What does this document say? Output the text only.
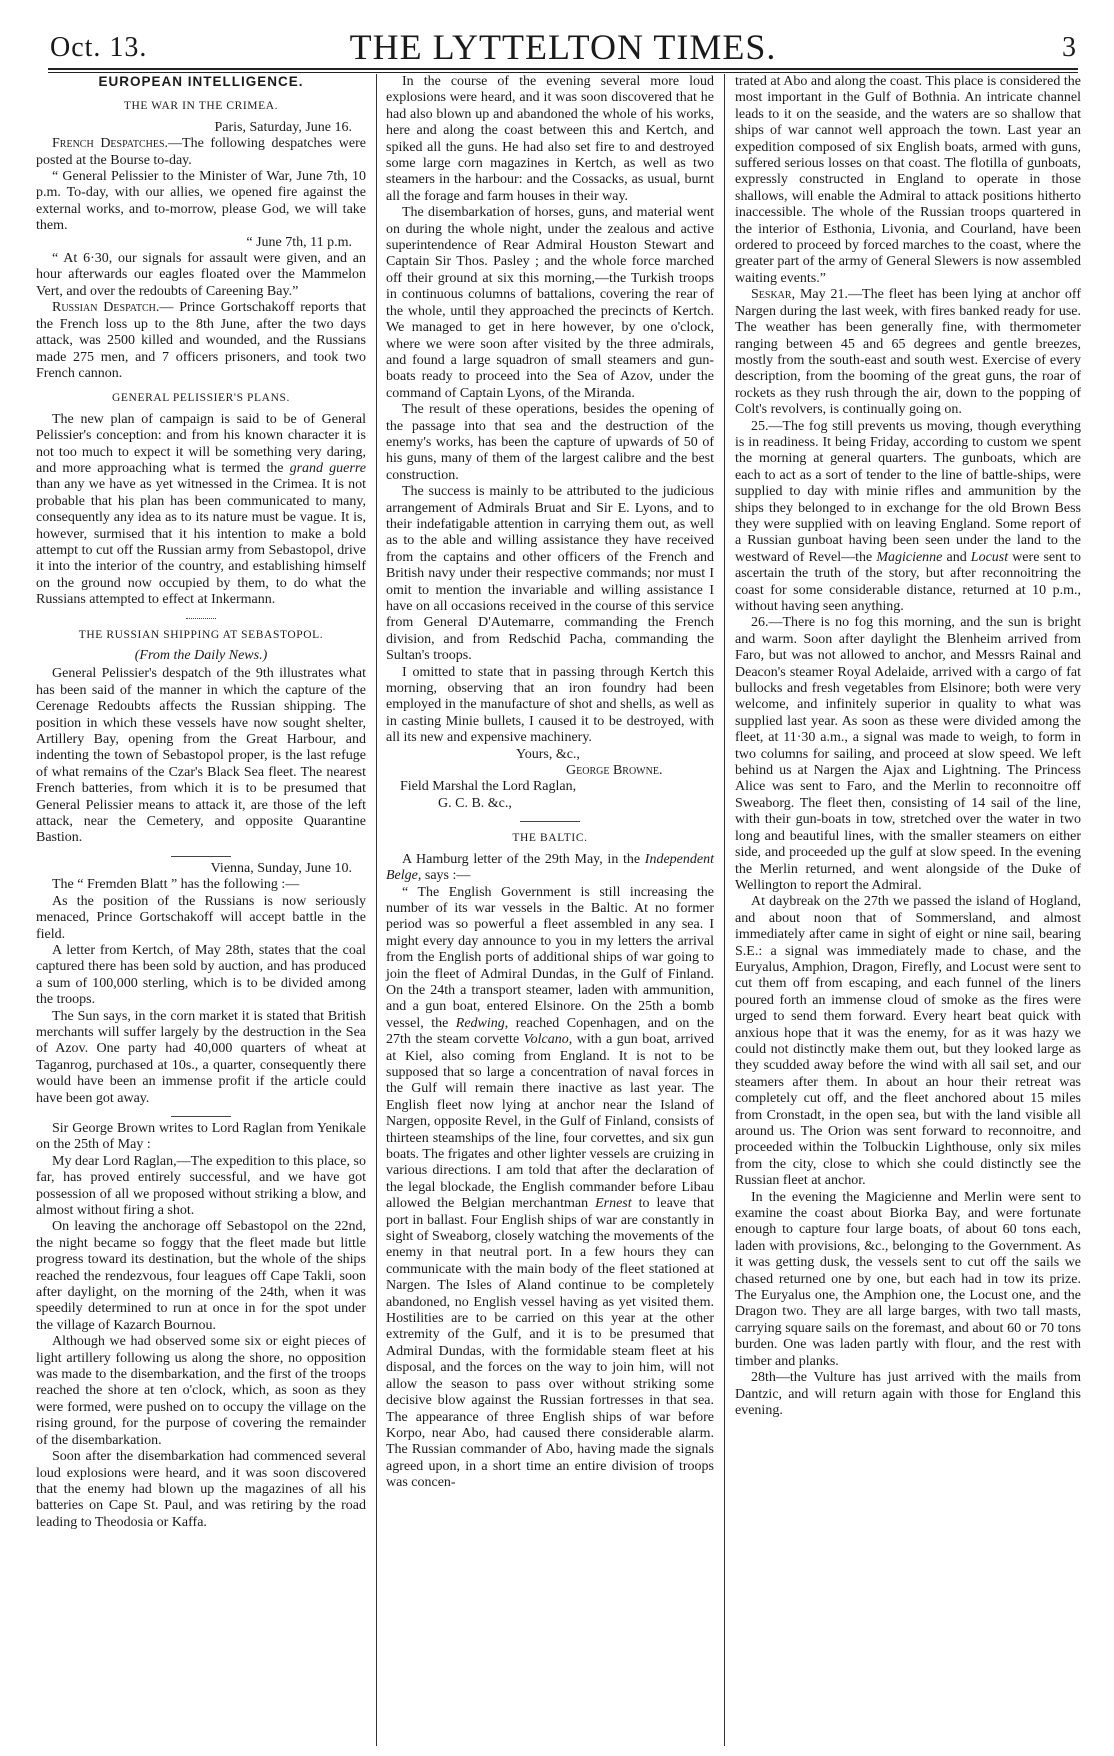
Oct. 13.	THE LYTTELTON TIMES.	3

EUROPEAN INTELLIGENCE.

THE WAR IN THE CRIMEA.

Paris, Saturday, June 16.

French Despatches.—The following despatches were posted at the Bourse to-day.

“ General Pelissier to the Minister of War, June 7th, 10 p.m. To-day, with our allies, we opened fire against the external works, and to-morrow, please God, we will take them.

“ June 7th, 11 p.m.

“ At 6·30, our signals for assault were given, and an hour afterwards our eagles floated over the Mammelon Vert, and over the redoubts of Careening Bay.”

Russian Despatch.— Prince Gortschakoff reports that the French loss up to the 8th June, after the two days attack, was 2500 killed and wounded, and the Russians made 275 men, and 7 officers prisoners, and took two French cannon.

GENERAL PELISSIER'S PLANS.

The new plan of campaign is said to be of General Pelissier's conception: and from his known character it is not too much to expect it will be something very daring, and more approaching what is termed the grand guerre than any we have as yet witnessed in the Crimea. It is not probable that his plan has been communicated to many, consequently any idea as to its nature must be vague. It is, however, surmised that it his intention to make a bold attempt to cut off the Russian army from Sebastopol, drive it into the interior of the country, and establishing himself on the ground now occupied by them, to do what the Russians attempted to effect at Inkermann.

THE RUSSIAN SHIPPING AT SEBASTOPOL.

(From the Daily News.)

General Pelissier's despatch of the 9th illustrates what has been said of the manner in which the capture of the Cerenage Redoubts affects the Russian shipping. The position in which these vessels have now sought shelter, Artillery Bay, opening from the Great Harbour, and indenting the town of Sebastopol proper, is the last refuge of what remains of the Czar's Black Sea fleet. The nearest French batteries, from which it is to be presumed that General Pelissier means to attack it, are those of the left attack, near the Cemetery, and opposite Quarantine Bastion.

Vienna, Sunday, June 10.

The “ Fremden Blatt ” has the following :—

As the position of the Russians is now seriously menaced, Prince Gortschakoff will accept battle in the field.

A letter from Kertch, of May 28th, states that the coal captured there has been sold by auction, and has produced a sum of 100,000 sterling, which is to be divided among the troops.

The Sun says, in the corn market it is stated that British merchants will suffer largely by the destruction in the Sea of Azov. One party had 40,000 quarters of wheat at Taganrog, purchased at 10s., a quarter, consequently there would have been an immense profit if the article could have been got away.

Sir George Brown writes to Lord Raglan from Yenikale on the 25th of May :

My dear Lord Raglan,—The expedition to this place, so far, has proved entirely successful, and we have got possession of all we proposed without striking a blow, and almost without firing a shot.

On leaving the anchorage off Sebastopol on the 22nd, the night became so foggy that the fleet made but little progress toward its destination, but the whole of the ships reached the rendezvous, four leagues off Cape Takli, soon after daylight, on the morning of the 24th, when it was speedily determined to run at once in for the spot under the village of Kazarch Bournou.

Although we had observed some six or eight pieces of light artillery following us along the shore, no opposition was made to the disembarkation, and the first of the troops reached the shore at ten o'clock, which, as soon as they were formed, were pushed on to occupy the village on the rising ground, for the purpose of covering the remainder of the disembarkation.

Soon after the disembarkation had commenced several loud explosions were heard, and it was soon discovered that the enemy had blown up the magazines of all his batteries on Cape St. Paul, and was retiring by the road leading to Theodosia or Kaffa.

In the course of the evening several more loud explosions were heard, and it was soon discovered that he had also blown up and abandoned the whole of his works, here and along the coast between this and Kertch, and spiked all the guns. He had also set fire to and destroyed some large corn magazines in Kertch, as well as two steamers in the harbour: and the Cossacks, as usual, burnt all the forage and farm houses in their way.

The disembarkation of horses, guns, and material went on during the whole night, under the zealous and active superintendence of Rear Admiral Houston Stewart and Captain Sir Thos. Pasley ; and the whole force marched off their ground at six this morning,—the Turkish troops in continuous columns of battalions, covering the rear of the whole, until they approached the precincts of Kertch. We managed to get in here however, by one o'clock, where we were soon after visited by the three admirals, and found a large squadron of small steamers and gun-boats ready to proceed into the Sea of Azov, under the command of Captain Lyons, of the Miranda.

The result of these operations, besides the opening of the passage into that sea and the destruction of the enemy's works, has been the capture of upwards of 50 of his guns, many of them of the largest calibre and the best construction.

The success is mainly to be attributed to the judicious arrangement of Admirals Bruat and Sir E. Lyons, and to their indefatigable attention in carrying them out, as well as to the able and willing assistance they have received from the captains and other officers of the French and British navy under their respective commands; nor must I omit to mention the invariable and willing assistance I have on all occasions received in the course of this service from General D'Autemarre, commanding the French division, and from Redschid Pacha, commanding the Sultan's troops.

I omitted to state that in passing through Kertch this morning, observing that an iron foundry had been employed in the manufacture of shot and shells, as well as in casting Minie bullets, I caused it to be destroyed, with all its new and expensive machinery.

Yours, &c.,

George Browne.

Field Marshal the Lord Raglan,

G. C. B. &c.,

THE BALTIC.

A Hamburg letter of the 29th May, in the Independent Belge, says :—

“ The English Government is still increasing the number of its war vessels in the Baltic. At no former period was so powerful a fleet assembled in any sea. I might every day announce to you in my letters the arrival from the English ports of additional ships of war going to join the fleet of Admiral Dundas, in the Gulf of Finland. On the 24th a transport steamer, laden with ammunition, and a gun boat, entered Elsinore. On the 25th a bomb vessel, the Redwing, reached Copenhagen, and on the 27th the steam corvette Volcano, with a gun boat, arrived at Kiel, also coming from England. It is not to be supposed that so large a concentration of naval forces in the Gulf will remain there inactive as last year. The English fleet now lying at anchor near the Island of Nargen, opposite Revel, in the Gulf of Finland, consists of thirteen steamships of the line, four corvettes, and six gun boats. The frigates and other lighter vessels are cruizing in various directions. I am told that after the declaration of the legal blockade, the English commander before Libau allowed the Belgian merchantman Ernest to leave that port in ballast. Four English ships of war are constantly in sight of Sweaborg, closely watching the movements of the enemy in that neutral port. In a few hours they can communicate with the main body of the fleet stationed at Nargen. The Isles of Aland continue to be completely abandoned, no English vessel having as yet visited them. Hostilities are to be carried on this year at the other extremity of the Gulf, and it is to be presumed that Admiral Dundas, with the formidable steam fleet at his disposal, and the forces on the way to join him, will not allow the season to pass over without striking some decisive blow against the Russian fortresses in that sea. The appearance of three English ships of war before Korpo, near Abo, had caused there considerable alarm. The Russian commander of Abo, having made the signals agreed upon, in a short time an entire division of troops was concen-

trated at Abo and along the coast. This place is considered the most important in the Gulf of Bothnia. An intricate channel leads to it on the seaside, and the waters are so shallow that ships of war cannot well approach the town. Last year an expedition composed of six English boats, armed with guns, suffered serious losses on that coast. The flotilla of gunboats, expressly constructed in England to operate in those shallows, will enable the Admiral to attack positions hitherto inaccessible. The whole of the Russian troops quartered in the interior of Esthonia, Livonia, and Courland, have been ordered to proceed by forced marches to the coast, where the greater part of the army of General Slewers is now assembled waiting events.”

Seskar, May 21.—The fleet has been lying at anchor off Nargen during the last week, with fires banked ready for use. The weather has been generally fine, with thermometer ranging between 45 and 65 degrees and gentle breezes, mostly from the south-east and south west. Exercise of every description, from the booming of the great guns, the roar of rockets as they rush through the air, down to the popping of Colt's revolvers, is continually going on.

25.—The fog still prevents us moving, though everything is in readiness. It being Friday, according to custom we spent the morning at general quarters. The gunboats, which are each to act as a sort of tender to the line of battle-ships, were supplied to day with minie rifles and ammunition by the ships they belonged to in exchange for the old Brown Bess they were supplied with on leaving England. Some report of a Russian gunboat having been seen under the land to the westward of Revel—the Magicienne and Locust were sent to ascertain the truth of the story, but after reconnoitring the coast for some considerable distance, returned at 10 p.m., without having seen anything.

26.—There is no fog this morning, and the sun is bright and warm. Soon after daylight the Blenheim arrived from Faro, but was not allowed to anchor, and Messrs Rainal and Deacon's steamer Royal Adelaide, arrived with a cargo of fat bullocks and fresh vegetables from Elsinore; both were very welcome, and infinitely superior in quality to what was supplied last year. As soon as these were divided among the fleet, at 11·30 a.m., a signal was made to weigh, to form in two columns for sailing, and proceed at slow speed. We left behind us at Nargen the Ajax and Lightning. The Princess Alice was sent to Faro, and the Merlin to reconnoitre off Sweaborg. The fleet then, consisting of 14 sail of the line, with their gun-boats in tow, stretched over the water in two long and beautiful lines, with the smaller steamers on either side, and proceeded up the gulf at slow speed. In the evening the Merlin returned, and went alongside of the Duke of Wellington to report the Admiral.

At daybreak on the 27th we passed the island of Hogland, and about noon that of Sommersland, and almost immediately after came in sight of eight or nine sail, bearing S.E.: a signal was immediately made to chase, and the Euryalus, Amphion, Dragon, Firefly, and Locust were sent to cut them off from escaping, and each funnel of the liners poured forth an immense cloud of smoke as the fires were urged to send them forward. Every heart beat quick with anxious hope that it was the enemy, for as it was hazy we could not distinctly make them out, but they looked large as they scudded away before the wind with all sail set, and our steamers after them. In about an hour their retreat was completely cut off, and the fleet anchored about 15 miles from Cronstadt, in the open sea, but with the land visible all around us. The Orion was sent forward to reconnoitre, and proceeded within the Tolbuckin Lighthouse, only six miles from the city, close to which she could distinctly see the Russian fleet at anchor.

In the evening the Magicienne and Merlin were sent to examine the coast about Biorka Bay, and were fortunate enough to capture four large boats, of about 60 tons each, laden with provisions, &c., belonging to the Government. As it was getting dusk, the vessels sent to cut off the sails we chased returned one by one, but each had in tow its prize. The Euryalus one, the Amphion one, the Locust one, and the Dragon two. They are all large barges, with two tall masts, carrying square sails on the foremast, and about 60 or 70 tons burden. One was laden partly with flour, and the rest with timber and planks.

28th—the Vulture has just arrived with the mails from Dantzic, and will return again with those for England this evening.
